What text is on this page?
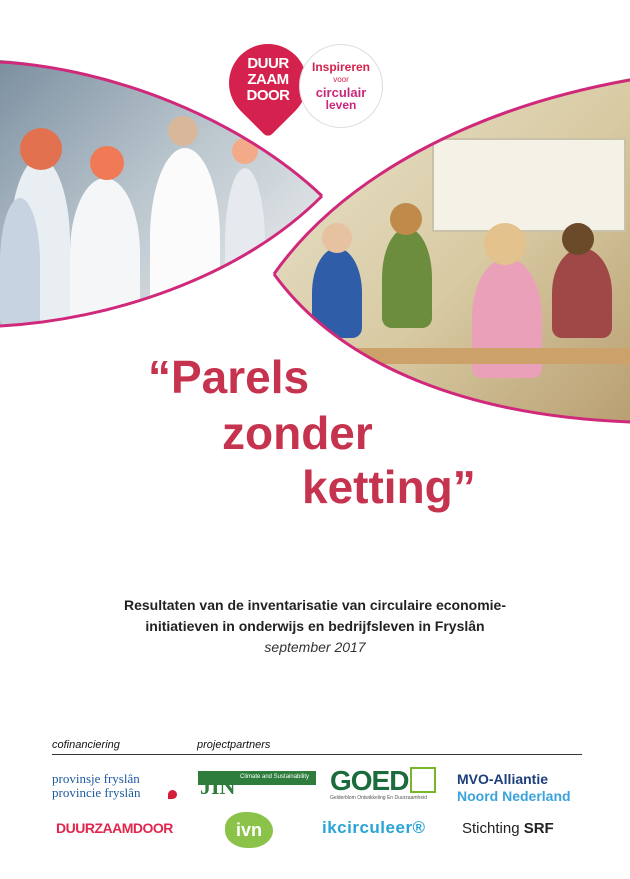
DUUR
ZAAM
DOOR
Inspireren
voor
circulair
leven
“Parels
zonder
ketting”
Resultaten van de inventarisatie van circulaire economie-
initiatieven in onderwijs en bedrijfsleven in Fryslân
september 2017
cofinanciering	projectpartners
provinsje fryslân
provincie fryslân
DUURZAAMDOOR
JIN Climate and Sustainability GOED
Gelderblom Ontwikkeling En Duurzaamheid
MVO-Alliantie
Noord Nederland
ivn	ikcirculeer® Stichting SRF
